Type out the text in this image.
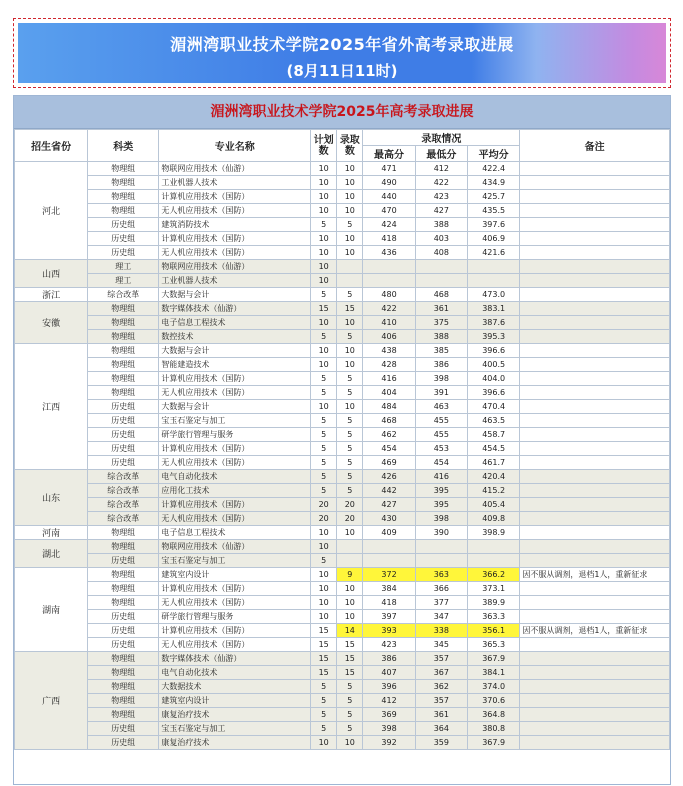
湄洲湾职业技术学院2025年省外高考录取进展
(8月11日11时)
湄洲湾职业技术学院2025年高考录取进展
招生省份	科类	专业名称	计划数	录取数	录取情况			备注
					最高分	最低分	平均分	
河北	物理组	物联网应用技术（仙游）	10	10	471	412	422.4	
	物理组	工业机器人技术	10	10	490	422	434.9	
	物理组	计算机应用技术（国防）	10	10	440	423	425.7	
	物理组	无人机应用技术（国防）	10	10	470	427	435.5	
	历史组	建筑消防技术	5	5	424	388	397.6	
	历史组	计算机应用技术（国防）	10	10	418	403	406.9	
	历史组	无人机应用技术（国防）	10	10	436	408	421.6	
山西	理工	物联网应用技术（仙游）	10					
	理工	工业机器人技术	10					
浙江	综合改革	大数据与会计	5	5	480	468	473.0	
安徽	物理组	数字媒体技术（仙游）	15	15	422	361	383.1	
	物理组	电子信息工程技术	10	10	410	375	387.6	
	物理组	数控技术	5	5	406	388	395.3	
江西	物理组	大数据与会计	10	10	438	385	396.6	
	物理组	智能建造技术	10	10	428	386	400.5	
	物理组	计算机应用技术（国防）	5	5	416	398	404.0	
	物理组	无人机应用技术（国防）	5	5	404	391	396.6	
	历史组	大数据与会计	10	10	484	463	470.4	
	历史组	宝玉石鉴定与加工	5	5	468	455	463.5	
	历史组	研学旅行管理与服务	5	5	462	455	458.7	
	历史组	计算机应用技术（国防）	5	5	454	453	454.5	
	历史组	无人机应用技术（国防）	5	5	469	454	461.7	
山东	综合改革	电气自动化技术	5	5	426	416	420.4	
	综合改革	应用化工技术	5	5	442	395	415.2	
	综合改革	计算机应用技术（国防）	20	20	427	395	405.4	
	综合改革	无人机应用技术（国防）	20	20	430	398	409.8	
河南	物理组	电子信息工程技术	10	10	409	390	398.9	
湖北	物理组	物联网应用技术（仙游）	10					
	历史组	宝玉石鉴定与加工	5					
湖南	物理组	建筑室内设计	10	9	372	363	366.2	因不服从调剂，退档1人，重新征求
	物理组	计算机应用技术（国防）	10	10	384	366	373.1	
	物理组	无人机应用技术（国防）	10	10	418	377	389.9	
	历史组	研学旅行管理与服务	10	10	397	347	363.3	
	历史组	计算机应用技术（国防）	15	14	393	338	356.1	因不服从调剂，退档1人，重新征求
	历史组	无人机应用技术（国防）	15	15	423	345	365.3	
广西	物理组	数字媒体技术（仙游）	15	15	386	357	367.9	
	物理组	电气自动化技术	15	15	407	367	384.1	
	物理组	大数据技术	5	5	396	362	374.0	
	物理组	建筑室内设计	5	5	412	357	370.6	
	物理组	康复治疗技术	5	5	369	361	364.8	
	历史组	宝玉石鉴定与加工	5	5	398	364	380.8	
	历史组	康复治疗技术	10	10	392	359	367.9	
